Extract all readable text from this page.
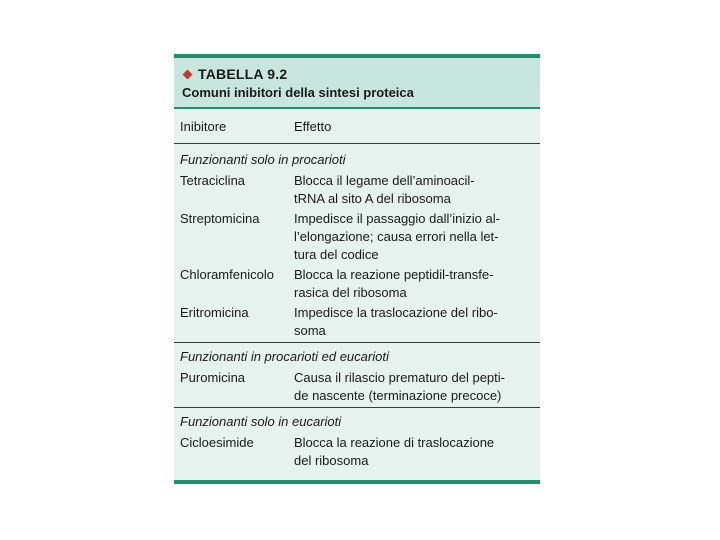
TABELLA 9.2
Comuni inibitori della sintesi proteica
Inibitore	Effetto
Funzionanti solo in procarioti
Tetraciclina	Blocca il legame dell’aminoacil-
tRNA al sito A del ribosoma
Streptomicina	Impedisce il passaggio dall’inizio al-
l’elongazione; causa errori nella let-
tura del codice
Chloramfenicolo	Blocca la reazione peptidil-transfe-
rasica del ribosoma
Eritromicina	Impedisce la traslocazione del ribo-
soma
Funzionanti in procarioti ed eucarioti
Puromicina	Causa il rilascio prematuro del pepti-
de nascente (terminazione precoce)
Funzionanti solo in eucarioti
Cicloesimide	Blocca la reazione di traslocazione
del ribosoma
